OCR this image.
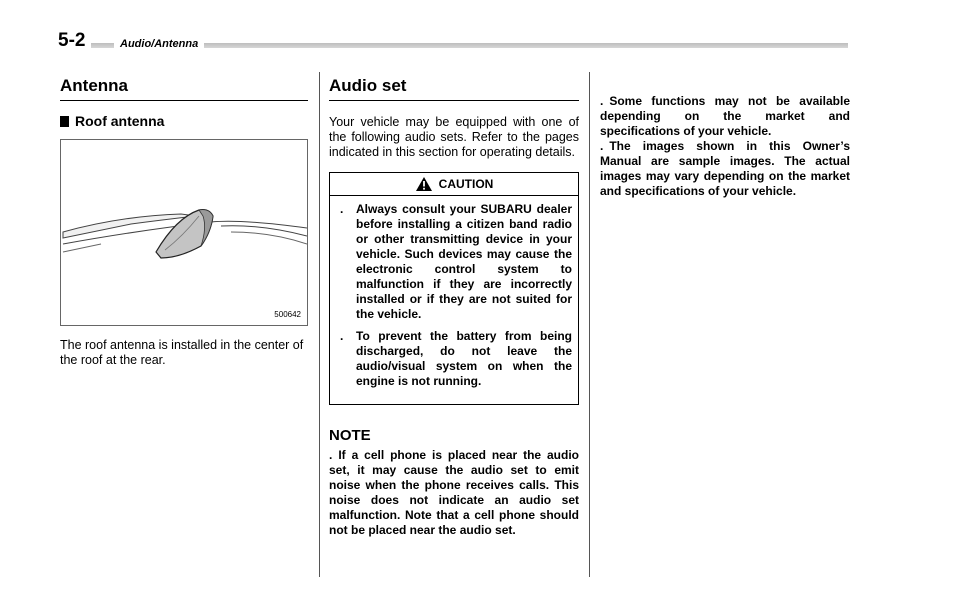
5-2	Audio/Antenna
Antenna
Roof antenna
500642
The roof antenna is installed in the center of the roof at the rear.
Audio set
Your vehicle may be equipped with one of the following audio sets. Refer to the pages indicated in this section for operating details.
CAUTION
.	Always consult your SUBARU dealer before installing a citizen band radio or other transmitting device in your vehicle. Such devices may cause the electronic control system to malfunction if they are incorrectly installed or if they are not suited for the vehicle.
.	To prevent the battery from being discharged, do not leave the audio/visual system on when the engine is not running.
NOTE
. If a cell phone is placed near the audio set, it may cause the audio set to emit noise when the phone receives calls. This noise does not indicate an audio set malfunction. Note that a cell phone should not be placed near the audio set.
. Some functions may not be available depending on the market and specifications of your vehicle.
. The images shown in this Owner’s Manual are sample images. The actual images may vary depending on the market and specifications of your vehicle.
